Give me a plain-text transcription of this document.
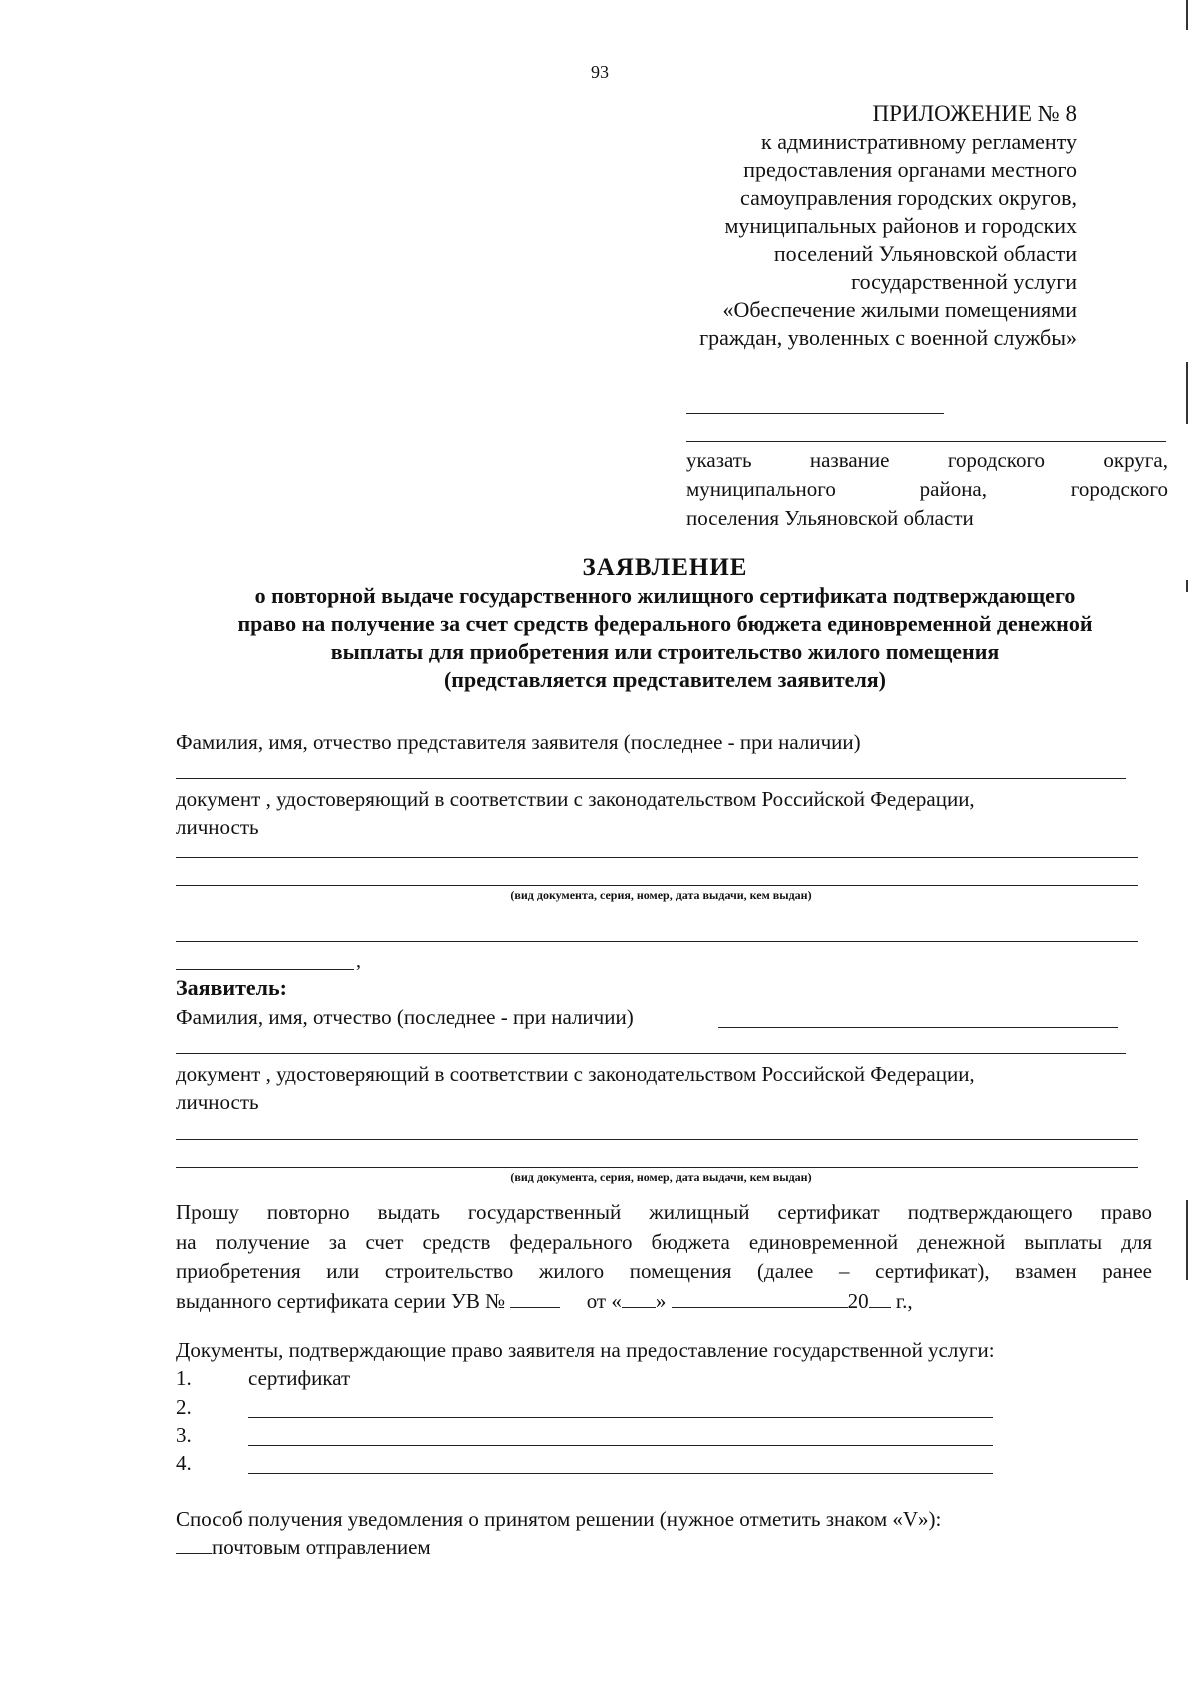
93
ПРИЛОЖЕНИЕ № 8
к административному регламенту
предоставления органами местного
самоуправления городских округов,
муниципальных районов и городских
поселений Ульяновской области
государственной услуги
«Обеспечение жилыми помещениями
граждан, уволенных с военной службы»
указать название городского округа,
муниципального района, городского
поселения Ульяновской области
ЗАЯВЛЕНИЕ
о повторной выдаче государственного жилищного сертификата подтверждающего
право на получение за счет средств федерального бюджета единовременной денежной
выплаты для приобретения или строительство жилого помещения
(представляется представителем заявителя)
Фамилия, имя, отчество представителя заявителя (последнее - при наличии)
документ , удостоверяющий в соответствии с законодательством Российской Федерации,
личность
(вид документа, серия, номер, дата выдачи, кем выдан)
,
Заявитель:
Фамилия, имя, отчество (последнее - при наличии)
документ , удостоверяющий в соответствии с законодательством Российской Федерации,
личность
(вид документа, серия, номер, дата выдачи, кем выдан)
Прошу повторно выдать государственный жилищный сертификат подтверждающего право
на получение за счет средств федерального бюджета единовременной денежной выплаты для
приобретения или строительство жилого помещения (далее – сертификат), взамен ранее
выданного сертификата серии УВ №	от « »	20 г.,
Документы, подтверждающие право заявителя на предоставление государственной услуги:
1.	сертификат
2.
3.
4.
Способ получения уведомления о принятом решении (нужное отметить знаком «V»):
почтовым отправлением
